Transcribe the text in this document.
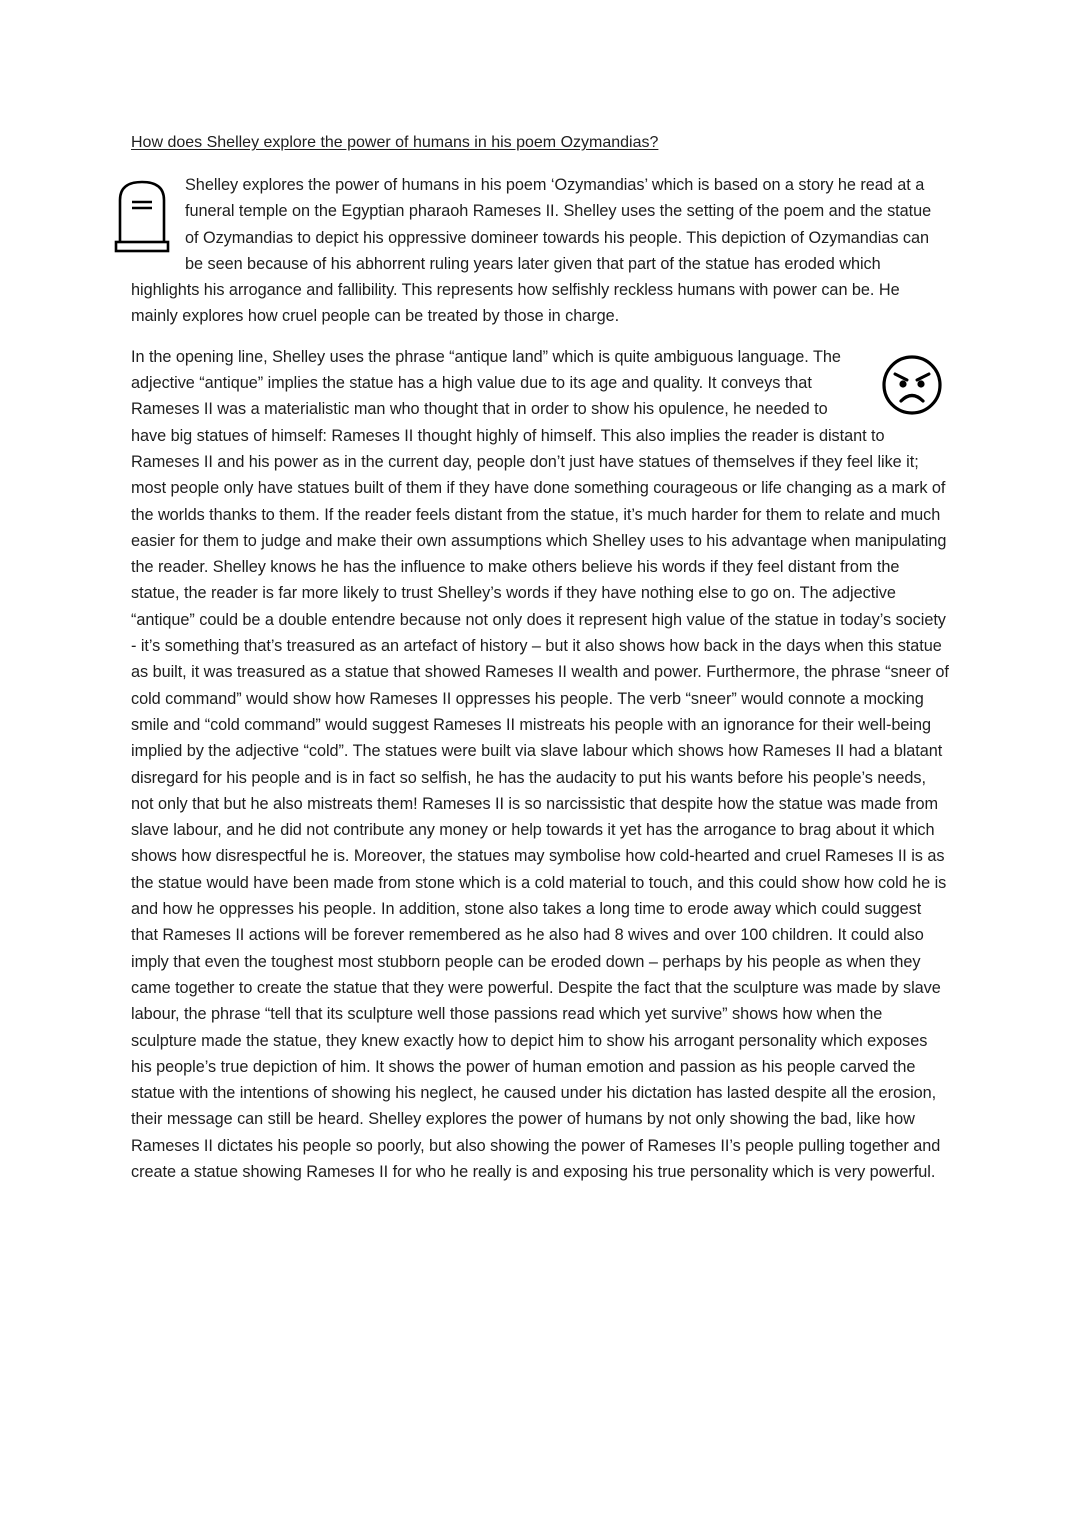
How does Shelley explore the power of humans in his poem Ozymandias?

Shelley explores the power of humans in his poem ‘Ozymandias’ which is based on a story he read at a funeral temple on the Egyptian pharaoh Rameses II. Shelley uses the setting of the poem and the statue of Ozymandias to depict his oppressive domineer towards his people. This depiction of Ozymandias can be seen because of his abhorrent ruling years later given that part of the statue has eroded which highlights his arrogance and fallibility. This represents how selfishly reckless humans with power can be. He mainly explores how cruel people can be treated by those in charge.

In the opening line, Shelley uses the phrase “antique land” which is quite ambiguous language. The adjective “antique” implies the statue has a high value due to its age and quality. It conveys that Rameses II was a materialistic man who thought that in order to show his opulence, he needed to have big statues of himself: Rameses II thought highly of himself. This also implies the reader is distant to Rameses II and his power as in the current day, people don’t just have statues of themselves if they feel like it; most people only have statues built of them if they have done something courageous or life changing as a mark of the worlds thanks to them. If the reader feels distant from the statue, it’s much harder for them to relate and much easier for them to judge and make their own assumptions which Shelley uses to his advantage when manipulating the reader. Shelley knows he has the influence to make others believe his words if they feel distant from the statue, the reader is far more likely to trust Shelley’s words if they have nothing else to go on. The adjective “antique” could be a double entendre because not only does it represent high value of the statue in today’s society - it’s something that’s treasured as an artefact of history – but it also shows how back in the days when this statue as built, it was treasured as a statue that showed Rameses II wealth and power. Furthermore, the phrase “sneer of cold command” would show how Rameses II oppresses his people. The verb “sneer” would connote a mocking smile and “cold command” would suggest Rameses II mistreats his people with an ignorance for their well-being implied by the adjective “cold”. The statues were built via slave labour which shows how Rameses II had a blatant disregard for his people and is in fact so selfish, he has the audacity to put his wants before his people’s needs, not only that but he also mistreats them! Rameses II is so narcissistic that despite how the statue was made from slave labour, and he did not contribute any money or help towards it yet has the arrogance to brag about it which shows how disrespectful he is. Moreover, the statues may symbolise how cold-hearted and cruel Rameses II is as the statue would have been made from stone which is a cold material to touch, and this could show how cold he is and how he oppresses his people. In addition, stone also takes a long time to erode away which could suggest that Rameses II actions will be forever remembered as he also had 8 wives and over 100 children. It could also imply that even the toughest most stubborn people can be eroded down – perhaps by his people as when they came together to create the statue that they were powerful. Despite the fact that the sculpture was made by slave labour, the phrase “tell that its sculpture well those passions read which yet survive” shows how when the sculpture made the statue, they knew exactly how to depict him to show his arrogant personality which exposes his people’s true depiction of him. It shows the power of human emotion and passion as his people carved the statue with the intentions of showing his neglect, he caused under his dictation has lasted despite all the erosion, their message can still be heard. Shelley explores the power of humans by not only showing the bad, like how Rameses II dictates his people so poorly, but also showing the power of Rameses II’s people pulling together and create a statue showing Rameses II for who he really is and exposing his true personality which is very powerful.
